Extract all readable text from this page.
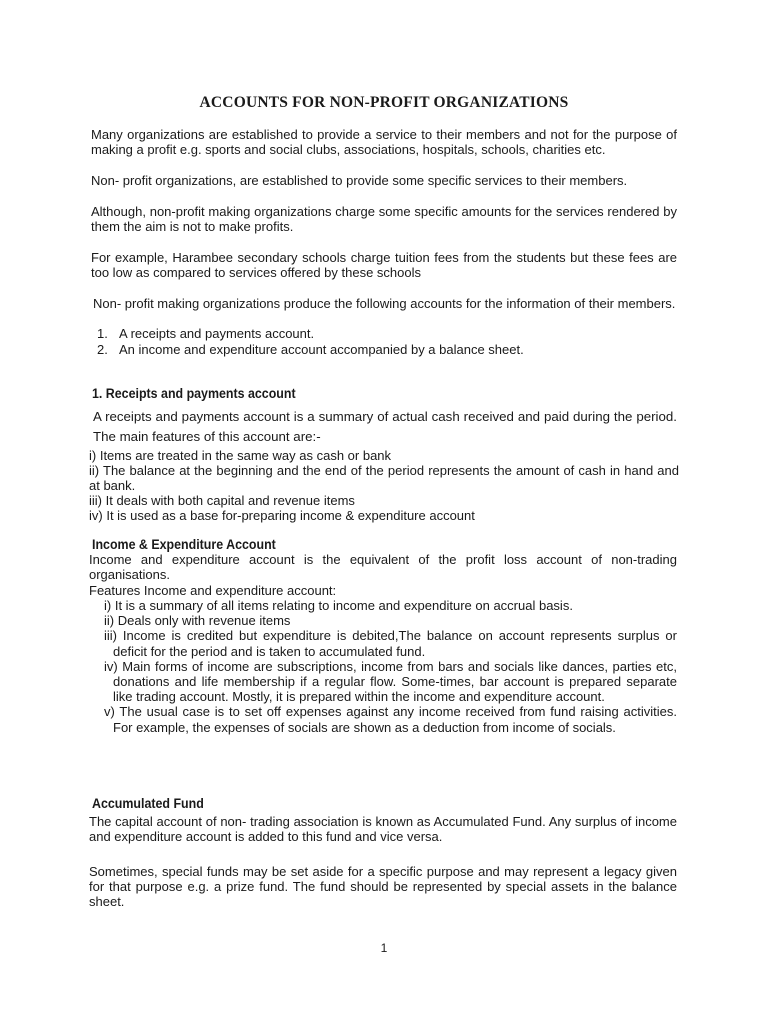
ACCOUNTS FOR NON-PROFIT ORGANIZATIONS

Many organizations are established to provide a service to their members and not for the purpose of making a profit e.g. sports and social clubs, associations, hospitals, schools, charities etc.

Non- profit organizations, are established to provide some specific services to their members.

Although, non-profit making organizations charge some specific amounts for the services rendered by them the aim is not to make profits.

For example, Harambee secondary schools charge tuition fees from the students but these fees are too low as compared to services offered by these schools

Non- profit making organizations produce the following accounts for the information of their members.

1. A receipts and payments account.
2. An income and expenditure account accompanied by a balance sheet.
1. Receipts and payments account

A receipts and payments account is a summary of actual cash received and paid during the period. The main features of this account are:-

i) Items are treated in the same way as cash or bank
ii) The balance at the beginning and the end of the period represents the amount of cash in hand and at bank.
iii) It deals with both capital and revenue items
iv) It is used as a base for-preparing income & expenditure account
Income & Expenditure Account

Income and expenditure account is the equivalent of the profit loss account of non-trading organisations.

Features Income and expenditure account:

i) It is a summary of all items relating to income and expenditure on accrual basis.

ii) Deals only with revenue items

iii) Income is credited but expenditure is debited,The balance on account represents surplus or deficit for the period and is taken to accumulated fund.

iv) Main forms of income are subscriptions, income from bars and socials like dances, parties etc, donations and life membership if a regular flow. Some-times, bar account is prepared separate like trading account. Mostly, it is prepared within the income and expenditure account.

v) The usual case is to set off expenses against any income received from fund raising activities. For example, the expenses of socials are shown as a deduction from income of socials.

Accumulated Fund

The capital account of non- trading association is known as Accumulated Fund. Any surplus of income and expenditure account is added to this fund and vice versa.

Sometimes, special funds may be set aside for a specific purpose and may represent a legacy given for that purpose e.g. a prize fund. The fund should be represented by special assets in the balance sheet.

1
